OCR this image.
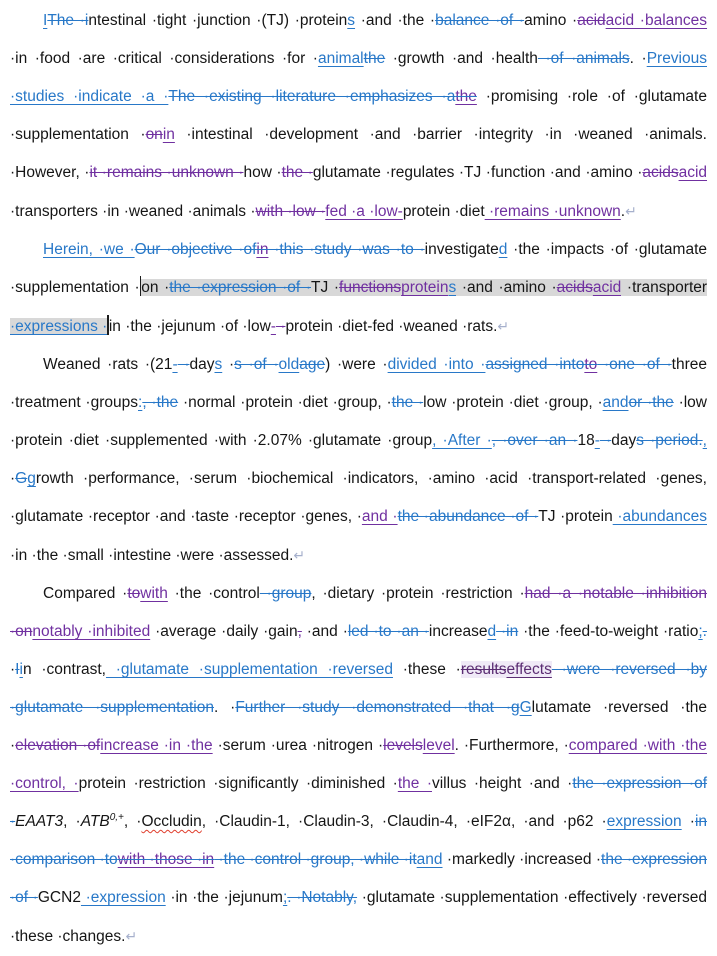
IThe ·intestinal ·tight ·junction ·(TJ) ·proteins ·and ·the ·balance ·of ·amino ·acidacid ·balances ·in ·food ·are ·critical ·considerations ·for ·animalthe ·growth ·and ·health ·of ·animals. ·Previous ·studies ·indicate ·a ·The ·existing ·literature ·emphasizes ·athe ·promising ·role ·of ·glutamate ·supplementation ·onin ·intestinal ·development ·and ·barrier ·integrity ·in ·weaned ·animals. ·However, ·it ·remains ·unknown ·how ·the ·glutamate ·regulates ·TJ ·function ·and ·amino ·acidsacid ·transporters ·in ·weaned ·animals ·with ·low ·fed ·a ·low-protein ·diet ·remains ·unknown.↵

Herein, ·we ·Our ·objective ·ofin ·this ·study ·was ·to ·investigated ·the ·impacts ·of ·glutamate ·supplementation ·on ·the ·expression ·of ·TJ ·functionsproteins ·and ·amino ·acidsacid ·transporter ·expressions ·in ·the ·jejunum ·of ·low- ·protein ·diet-fed ·weaned ·rats.↵

Weaned ·rats ·(21- ·days ·s ·of ·oldage) ·were ·divided ·into ·assigned ·intoto ·one ·of ·three ·treatment ·groups:, ·the ·normal ·protein ·diet ·group, ·the ·low ·protein ·diet ·group, ·andor ·the ·low ·protein ·diet ·supplemented ·with ·2.07% ·glutamate ·group, ·After ·, ·over ·an ·18- ·days ·period., ·Ggrowth ·performance, ·serum ·biochemical ·indicators, ·amino ·acid ·transport-related ·genes, ·glutamate ·receptor ·and ·taste ·receptor ·genes, ·and ·the ·abundance ·of ·TJ ·protein ·abundances ·in ·the ·small ·intestine ·were ·assessed.↵

Compared ·towith ·the ·control ·group, ·dietary ·protein ·restriction ·had ·a ·notable ·inhibition ·onnotably ·inhibited ·average ·daily ·gain, ·and ·led ·to ·an ·increased ·in ·the ·feed-to-weight ·ratio;. ·Iin ·contrast, ·glutamate ·supplementation ·reversed ·these ·resultseffects ·were ·reversed ·by ·glutamate ·supplementation. ·Further ·study ·demonstrated ·that ·gGlutamate ·reversed ·the ·elevation ·ofincrease ·in ·the ·serum ·urea ·nitrogen ·levelslevel. ·Furthermore, ·compared ·with ·the ·control, ·protein ·restriction ·significantly ·diminished ·the ·villus ·height ·and ·the ·expression ·of ·EAAT3, $\cdot ATB^{0,+}$, ·Occludin, ·Claudin-1, ·Claudin-3, ·Claudin-4, ·eIF2α, ·and ·p62 ·expression ·in ·comparison ·towith ·those ·in ·the ·control ·group, ·while ·itand ·markedly ·increased ·the ·expression ·of ·GCN2 ·expression ·in ·the ·jejunum;. ·Notably, ·glutamate ·supplementation ·effectively ·reversed ·these ·changes.↵
